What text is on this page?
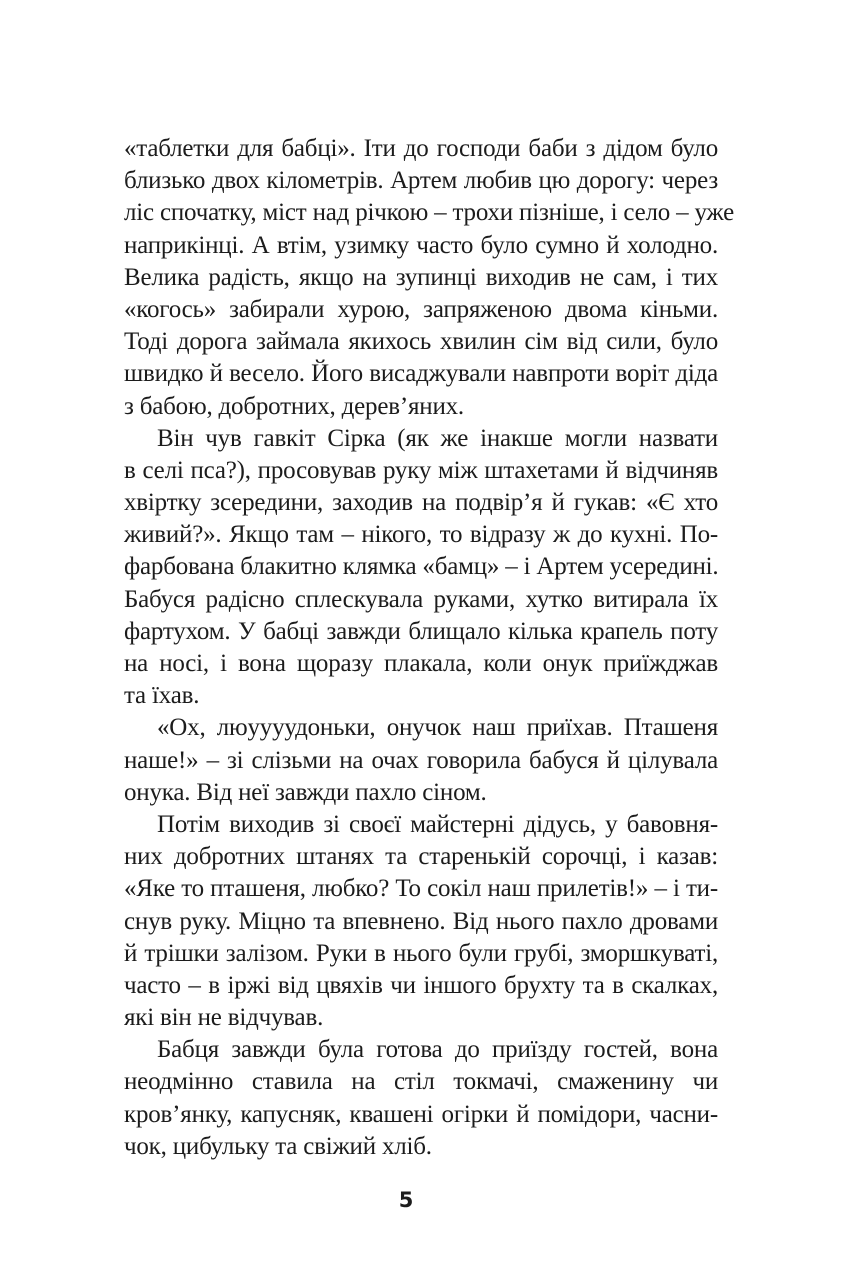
«таблетки для бабці». Іти до господи баби з дідом було
близько двох кілометрів. Артем любив цю дорогу: через
ліс спочатку, міст над річкою – трохи пізніше, і село – уже
наприкінці. А втім, узимку часто було сумно й холодно.
Велика радість, якщо на зупинці виходив не сам, і тих
«когось» забирали хурою, запряженою двома кіньми.
Тоді дорога займала якихось хвилин сім від сили, було
швидко й весело. Його висаджували навпроти воріт діда
з бабою, добротних, дерев’яних.
Він чув гавкіт Сірка (як же інакше могли назвати
в селі пса?), просовував руку між штахетами й відчиняв
хвіртку зсередини, заходив на подвір’я й гукав: «Є хто
живий?». Якщо там – нікого, то відразу ж до кухні. По-
фарбована блакитно клямка «бамц» – і Артем усередині.
Бабуся радісно сплескувала руками, хутко витирала їх
фартухом. У бабці завжди блищало кілька крапель поту
на носі, і вона щоразу плакала, коли онук приїжджав
та їхав.
«Ох, люуууудоньки, онучок наш приїхав. Пташеня
наше!» – зі слізьми на очах говорила бабуся й цілувала
онука. Від неї завжди пахло сіном.
Потім виходив зі своєї майстерні дідусь, у бавовня-
них добротних штанях та старенькій сорочці, і казав:
«Яке то пташеня, любко? То сокіл наш прилетів!» – і ти-
снув руку. Міцно та впевнено. Від нього пахло дровами
й трішки залізом. Руки в нього були грубі, зморшкуваті,
часто – в іржі від цвяхів чи іншого брухту та в скалках,
які він не відчував.
Бабця завжди була готова до приїзду гостей, вона
неодмінно ставила на стіл токмачі, смаженину чи
кров’янку, капусняк, квашені огірки й помідори, часни-
чок, цибульку та свіжий хліб.
5
